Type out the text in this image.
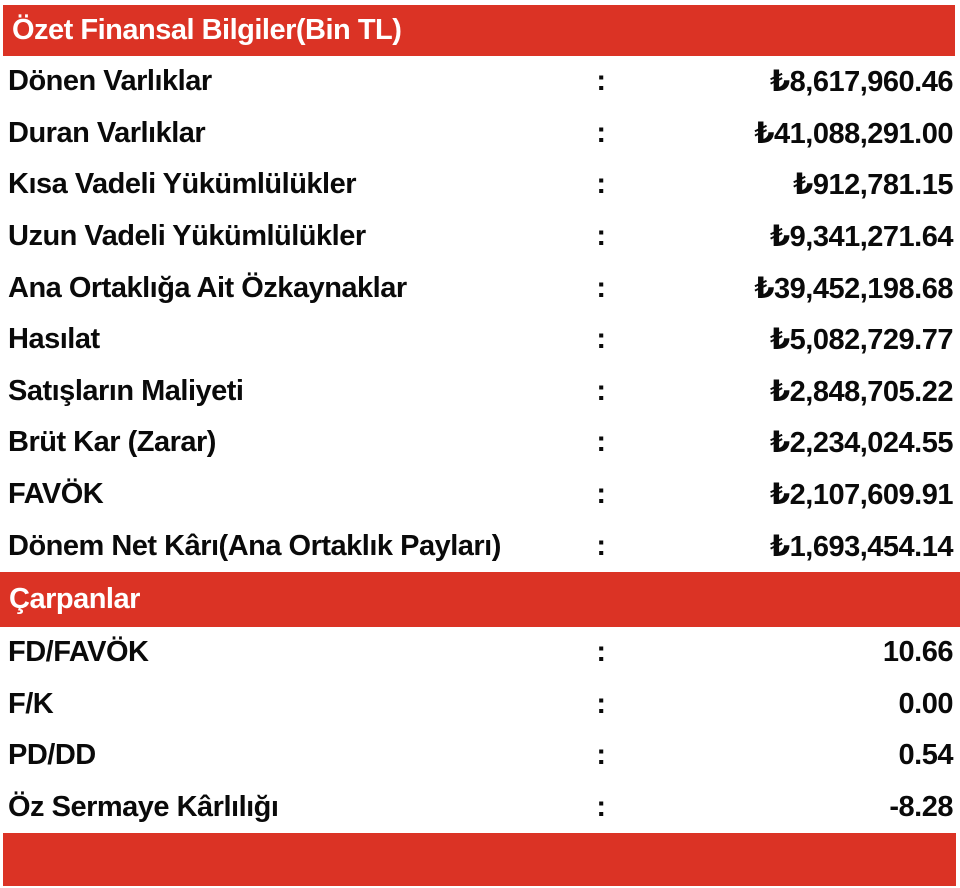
Özet Finansal Bilgiler(Bin TL)
Dönen Varlıklar	:	₺8,617,960.46
Duran Varlıklar	:	₺41,088,291.00
Kısa Vadeli Yükümlülükler	:	₺912,781.15
Uzun Vadeli Yükümlülükler	:	₺9,341,271.64
Ana Ortaklığa Ait Özkaynaklar	:	₺39,452,198.68
Hasılat	:	₺5,082,729.77
Satışların Maliyeti	:	₺2,848,705.22
Brüt Kar (Zarar)	:	₺2,234,024.55
FAVÖK	:	₺2,107,609.91
Dönem Net Kârı(Ana Ortaklık Payları)	:	₺1,693,454.14
Çarpanlar
FD/FAVÖK	:	10.66
F/K	:	0.00
PD/DD	:	0.54
Öz Sermaye Kârlılığı	:	-8.28
